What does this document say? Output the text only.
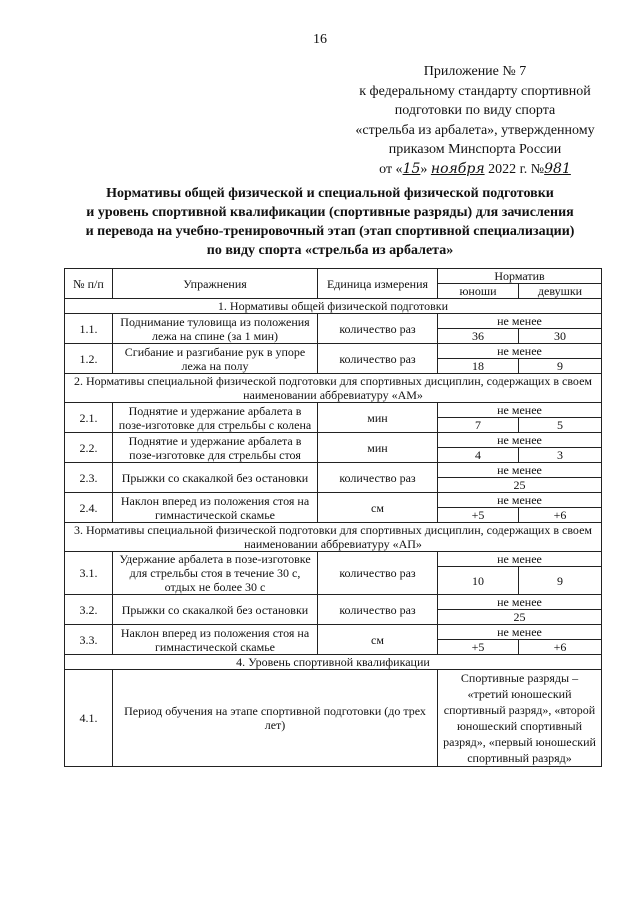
16
Приложение № 7
к федеральному стандарту спортивной
подготовки по виду спорта
«стрельба из арбалета», утвержденному
приказом Минспорта России
от «15» ноября 2022 г. №981
Нормативы общей физической и специальной физической подготовки
и уровень спортивной квалификации (спортивные разряды) для зачисления
и перевода на учебно-тренировочный этап (этап спортивной специализации)
по виду спорта «стрельба из арбалета»
№ п/п	Упражнения	Единица измерения	Норматив	
			юноши	девушки
1. Нормативы общей физической подготовки				
1.1.	Поднимание туловища из положения лежа на спине (за 1 мин)	количество раз	не менее	
			36	30
1.2.	Сгибание и разгибание рук в упоре лежа на полу	количество раз	не менее	
			18	9
2. Нормативы специальной физической подготовки для спортивных дисциплин, содержащих в своем наименовании аббревиатуру «АМ»				
2.1.	Поднятие и удержание арбалета в позе-изготовке для стрельбы с колена	мин	не менее	
			7	5
2.2.	Поднятие и удержание арбалета в позе-изготовке для стрельбы стоя	мин	не менее	
			4	3
2.3.	Прыжки со скакалкой без остановки	количество раз	не менее	
			25	
2.4.	Наклон вперед из положения стоя на гимнастической скамье	см	не менее	
			+5	+6
3. Нормативы специальной физической подготовки для спортивных дисциплин, содержащих в своем наименовании аббревиатуру «АП»				
3.1.	Удержание арбалета в позе-изготовке для стрельбы стоя в течение 30 с, отдых не более 30 с	количество раз	не менее	
			10	9
3.2.	Прыжки со скакалкой без остановки	количество раз	не менее	
			25	
3.3.	Наклон вперед из положения стоя на гимнастической скамье	см	не менее	
			+5	+6
4. Уровень спортивной квалификации				
4.1.	Период обучения на этапе спортивной подготовки (до трех лет)		Спортивные разряды – «третий юношеский спортивный разряд», «второй юношеский спортивный разряд», «первый юношеский спортивный разряд»	
